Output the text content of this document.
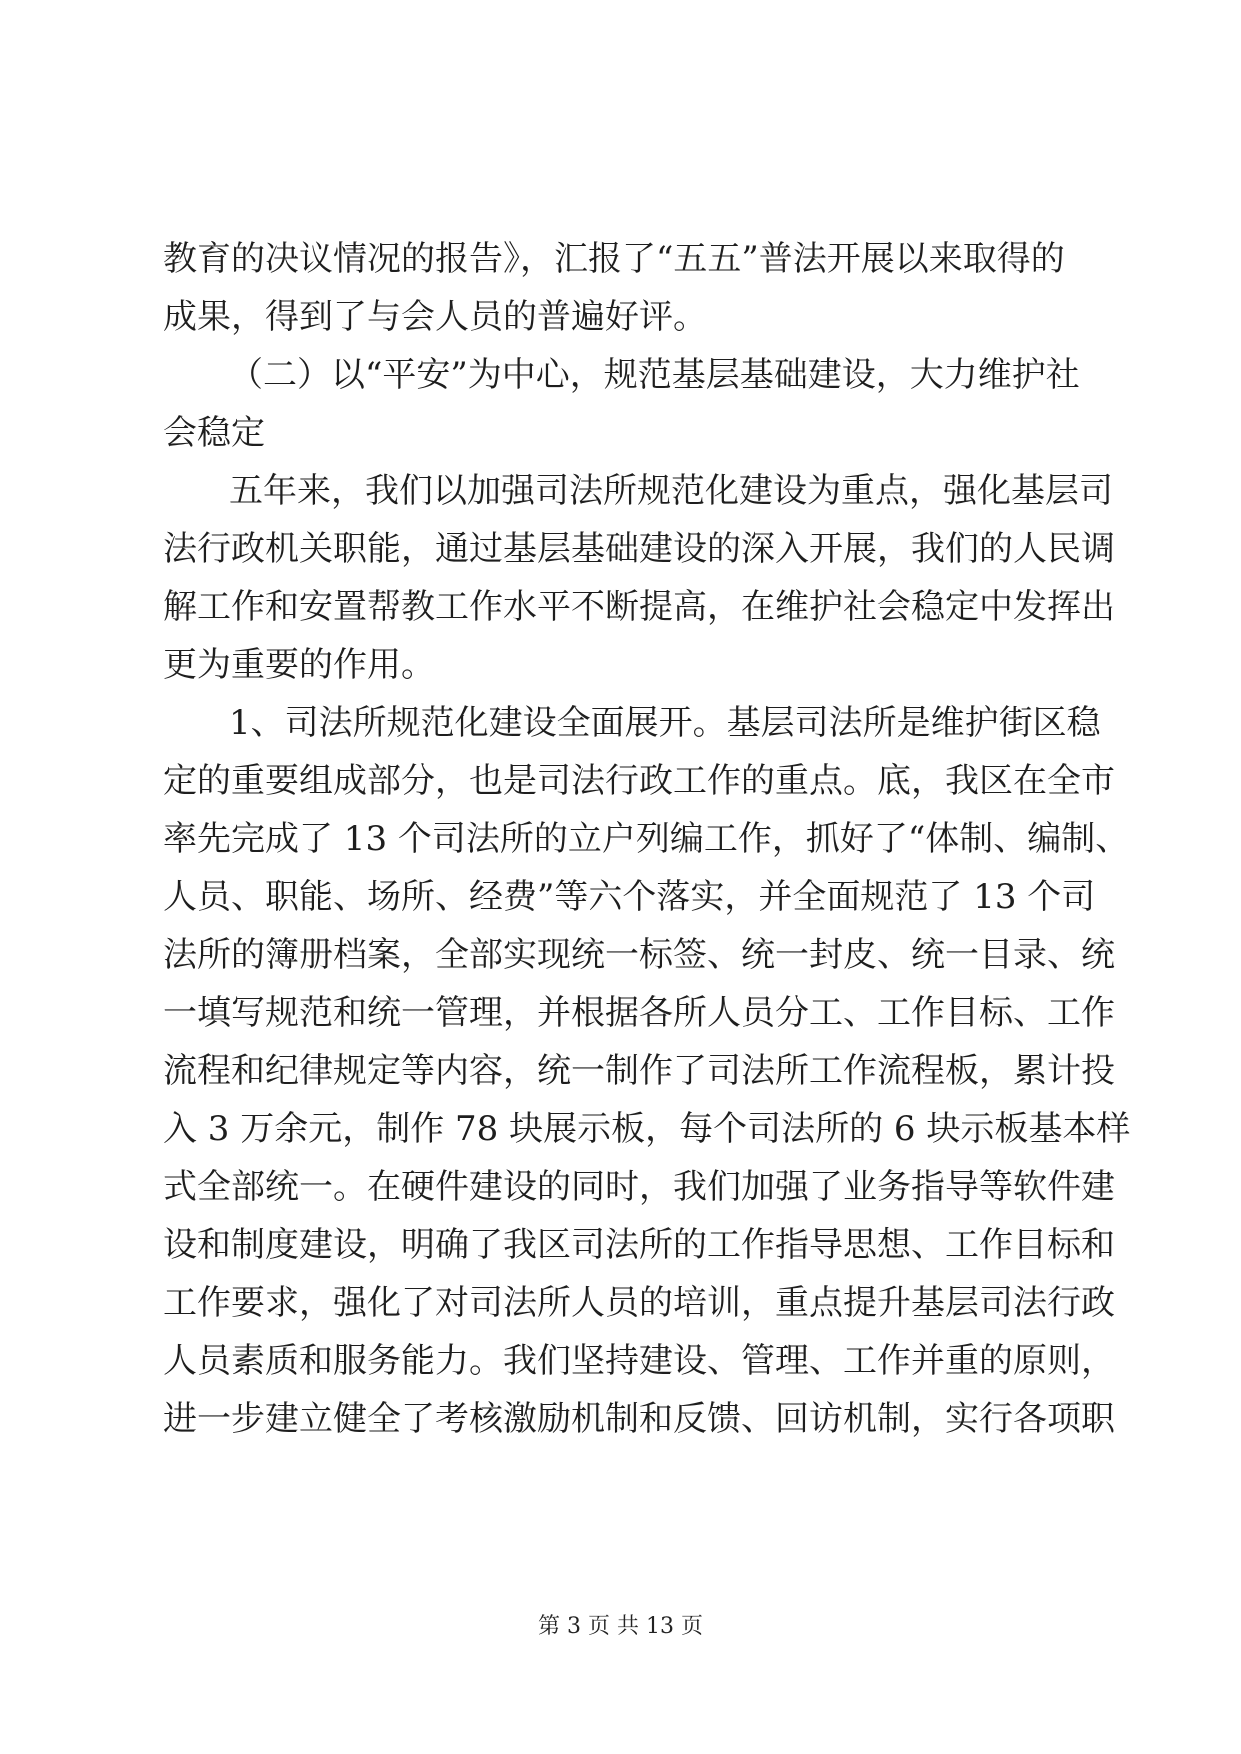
教育的决议情况的报告》，汇报了“五五”普法开展以来取得的
成果，得到了与会人员的普遍好评。
（二）以“平安”为中心，规范基层基础建设，大力维护社
会稳定
五年来，我们以加强司法所规范化建设为重点，强化基层司
法行政机关职能，通过基层基础建设的深入开展，我们的人民调
解工作和安置帮教工作水平不断提高，在维护社会稳定中发挥出
更为重要的作用。
1、司法所规范化建设全面展开。基层司法所是维护街区稳
定的重要组成部分，也是司法行政工作的重点。底，我区在全市
率先完成了 13 个司法所的立户列编工作，抓好了“体制、编制、
人员、职能、场所、经费”等六个落实，并全面规范了 13 个司
法所的簿册档案，全部实现统一标签、统一封皮、统一目录、统
一填写规范和统一管理，并根据各所人员分工、工作目标、工作
流程和纪律规定等内容，统一制作了司法所工作流程板，累计投
入 3 万余元，制作 78 块展示板，每个司法所的 6 块示板基本样
式全部统一。在硬件建设的同时，我们加强了业务指导等软件建
设和制度建设，明确了我区司法所的工作指导思想、工作目标和
工作要求，强化了对司法所人员的培训，重点提升基层司法行政
人员素质和服务能力。我们坚持建设、管理、工作并重的原则，
进一步建立健全了考核激励机制和反馈、回访机制，实行各项职
第 3 页 共 13 页
